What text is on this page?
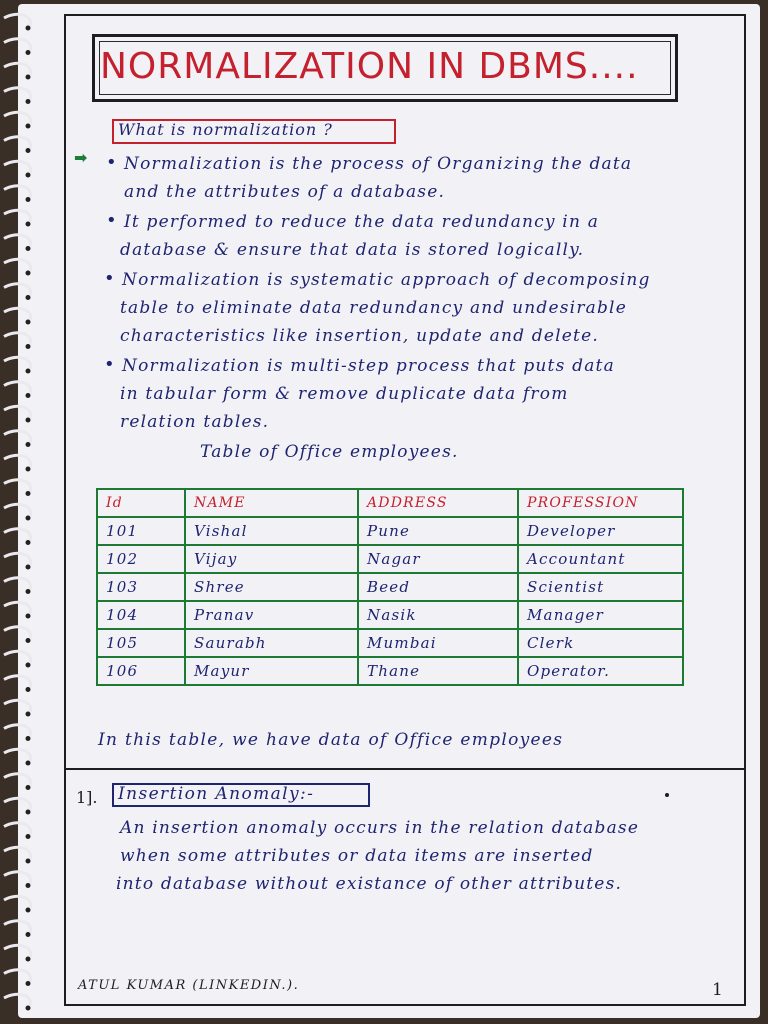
NORMALIZATION IN DBMS....
What is normalization ?
➡ • Normalization is the process of Organizing the data
and the attributes of a database.
• It performed to reduce the data redundancy in a
database & ensure that data is stored logically.
• Normalization is systematic approach of decomposing
table to eliminate data redundancy and undesirable
characteristics like insertion, update and delete.
• Normalization is multi-step process that puts data
in tabular form & remove duplicate data from
relation tables.
Table of Office employees.
Id	NAME	ADDRESS	PROFESSION
101	Vishal	Pune	Developer
102	Vijay	Nagar	Accountant
103	Shree	Beed	Scientist
104	Pranav	Nasik	Manager
105	Saurabh	Mumbai	Clerk
106	Mayur	Thane	Operator.
In this table, we have data of Office employees
1]. Insertion Anomaly:-
An insertion anomaly occurs in the relation database
when some attributes or data items are inserted
into database without existance of other attributes.
ATUL KUMAR (LINKEDIN.).	1
